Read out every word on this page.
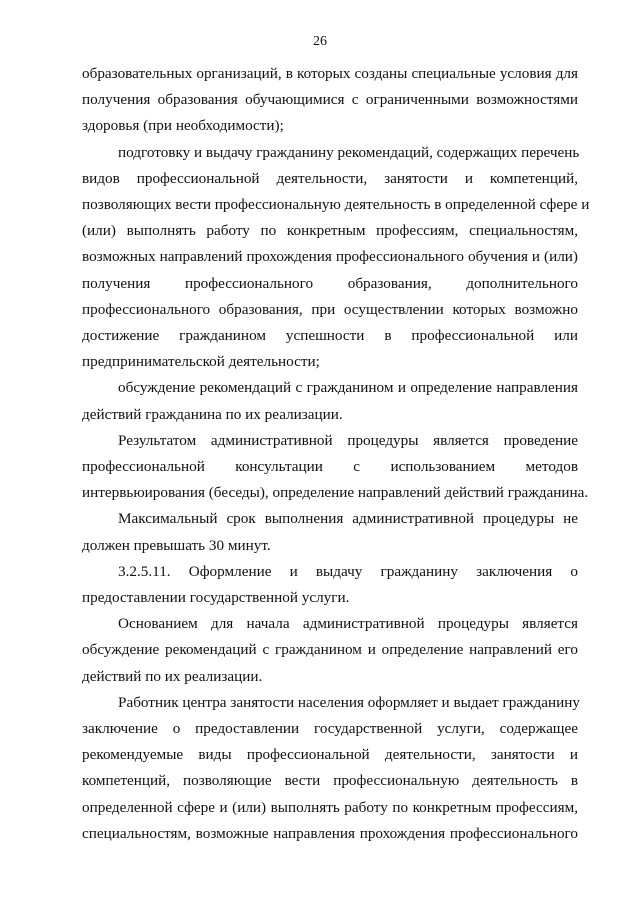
26
образовательных организаций, в которых созданы специальные условия для
получения образования обучающимися с ограниченными возможностями
здоровья (при необходимости);
подготовку и выдачу гражданину рекомендаций, содержащих перечень
видов профессиональной деятельности, занятости и компетенций,
позволяющих вести профессиональную деятельность в определенной сфере и
(или) выполнять работу по конкретным профессиям, специальностям,
возможных направлений прохождения профессионального обучения и (или)
получения профессионального образования, дополнительного
профессионального образования, при осуществлении которых возможно
достижение гражданином успешности в профессиональной или
предпринимательской деятельности;
обсуждение рекомендаций с гражданином и определение направления
действий гражданина по их реализации.
Результатом административной процедуры является проведение
профессиональной консультации с использованием методов
интервьюирования (беседы), определение направлений действий гражданина.
Максимальный срок выполнения административной процедуры не
должен превышать 30 минут.
3.2.5.11. Оформление и выдачу гражданину заключения о
предоставлении государственной услуги.
Основанием для начала административной процедуры является
обсуждение рекомендаций с гражданином и определение направлений его
действий по их реализации.
Работник центра занятости населения оформляет и выдает гражданину
заключение о предоставлении государственной услуги, содержащее
рекомендуемые виды профессиональной деятельности, занятости и
компетенций, позволяющие вести профессиональную деятельность в
определенной сфере и (или) выполнять работу по конкретным профессиям,
специальностям, возможные направления прохождения профессионального
